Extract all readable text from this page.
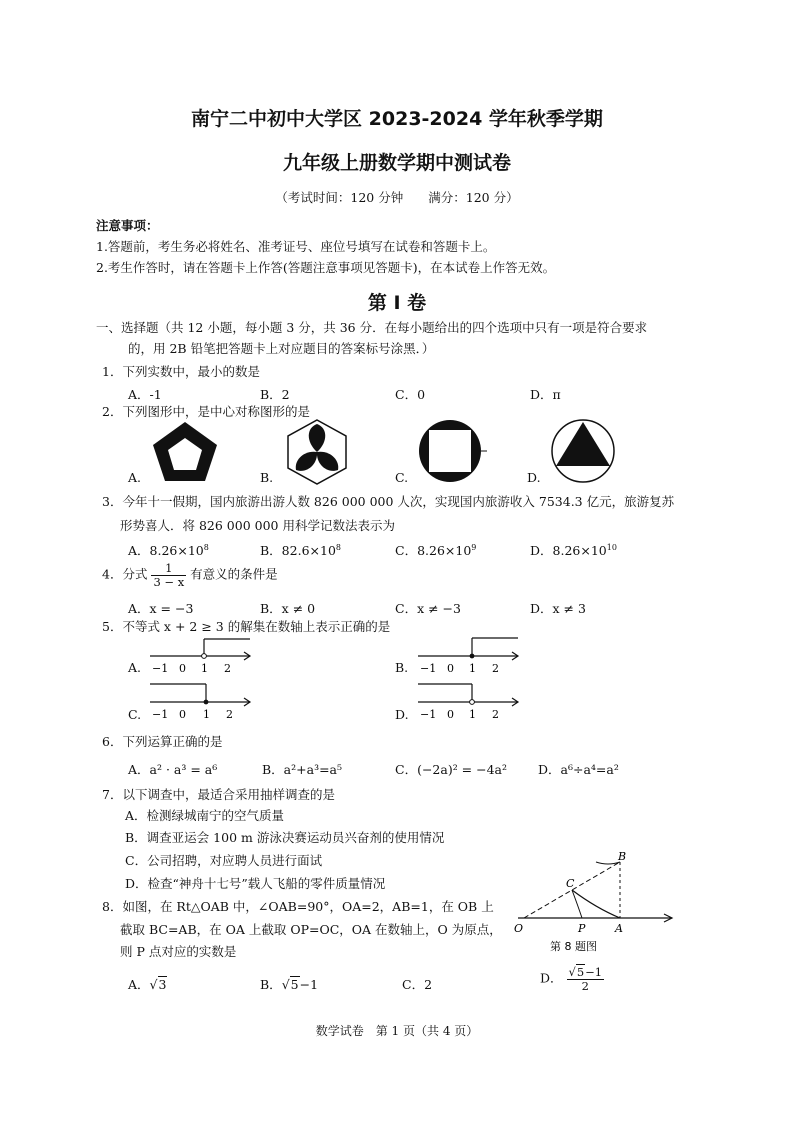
南宁二中初中大学区 2023-2024 学年秋季学期
九年级上册数学期中测试卷
（考试时间：120 分钟　　满分：120 分）
注意事项：
1.答题前，考生务必将姓名、准考证号、座位号填写在试卷和答题卡上。
2.考生作答时，请在答题卡上作答(答题注意事项见答题卡)，在本试卷上作答无效。
第 I 卷
一、选择题（共 12 小题，每小题 3 分，共 36 分．在每小题给出的四个选项中只有一项是符合要求
的，用 2B 铅笔把答题卡上对应题目的答案标号涂黑．）
1．下列实数中，最小的数是
A．-1	B．2	C．0	D．π
2．下列图形中，是中心对称图形的是
A.	B.	C.	D.
3．今年十一假期，国内旅游出游人数 826 000 000 人次，实现国内旅游收入 7534.3 亿元，旅游复苏
形势喜人．将 826 000 000 用科学记数法表示为
A．$8.26\times 10^8$	B．$82.6\times 10^8$	C．$8.26\times 10^9$	D．$8.26\times 10^{10}$
4．分式 $\frac{1}{3 - x}$ 有意义的条件是
A．x = −3	B．x ≠ 0	C．x ≠ −3	D．x ≠ 3
5．不等式 x + 2 ≥ 3 的解集在数轴上表示正确的是
A. −1 0 1 2	B. −1 0 1 2
C. −1 0 1 2	D. −1 0 1 2
6．下列运算正确的是
A．a² · a³ = a⁶	B．a²+a³=a⁵	C．(−2a)² = −4a² D．a⁶÷a⁴=a²
7．以下调查中，最适合采用抽样调查的是
A．检测绿城南宁的空气质量
B．调查亚运会 100 m 游泳决赛运动员兴奋剂的使用情况
C．公司招聘，对应聘人员进行面试
D．检查“神舟十七号”载人飞船的零件质量情况
8．如图，在 Rt△OAB 中，∠OAB=90°，OA=2，AB=1，在 OB 上
截取 BC=AB，在 OA 上截取 OP=OC，OA 在数轴上，O 为原点，
则 P 点对应的实数是
O	A
B
C
P
第 8 题图
A．√3	B．√5−1	C．2	D． $\frac{√5-1}{2}$
数学试卷　第 1 页（共 4 页）
